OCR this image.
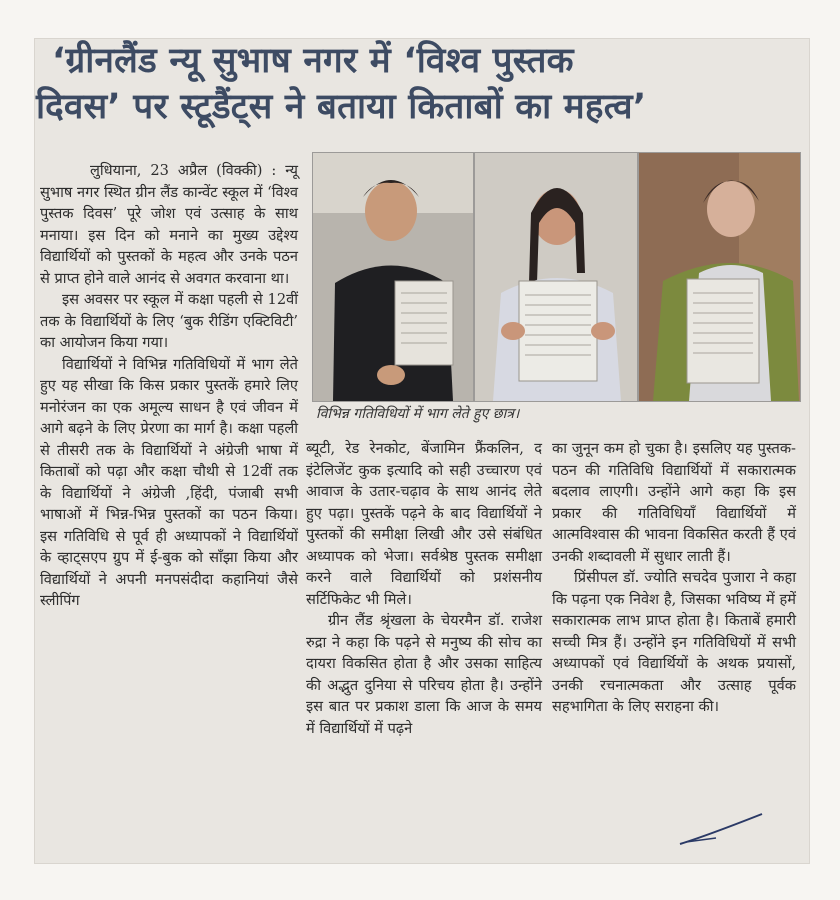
‘ग्रीनलैंड न्यू सुभाष नगर में ‘विश्व पुस्तक
दिवस’ पर स्टूडैंट्स ने बताया किताबों का महत्व’

लुधियाना, 23 अप्रैल (विक्की) : न्यू सुभाष नगर स्थित ग्रीन लैंड कान्वेंट स्कूल में ‘विश्व पुस्तक दिवस’ पूरे जोश एवं उत्साह के साथ मनाया। इस दिन को मनाने का मुख्य उद्देश्य विद्यार्थियों को पुस्तकों के महत्व और उनके पठन से प्राप्त होने वाले आनंद से अवगत करवाना था।

इस अवसर पर स्कूल में कक्षा पहली से 12वीं तक के विद्यार्थियों के लिए ‘बुक रीडिंग एक्टिविटी’ का आयोजन किया गया।

विद्यार्थियों ने विभिन्न गतिविधियों में भाग लेते हुए यह सीखा कि किस प्रकार पुस्तकें हमारे लिए मनोरंजन का एक अमूल्य साधन है एवं जीवन में आगे बढ़ने के लिए प्रेरणा का मार्ग है। कक्षा पहली से तीसरी तक के विद्यार्थियों ने अंग्रेजी भाषा में किताबों को पढ़ा और कक्षा चौथी से 12वीं तक के विद्यार्थियों ने अंग्रेजी ,हिंदी, पंजाबी सभी भाषाओं में भिन्न-भिन्न पुस्तकों का पठन किया। इस गतिविधि से पूर्व ही अध्यापकों ने विद्यार्थियों के व्हाट्सएप ग्रुप में ई-बुक को साँझा किया और विद्यार्थियों ने अपनी मनपसंदीदा कहानियां जैसे स्लीपिंग

विभिन्न गतिविधियों में भाग लेते हुए छात्र।

ब्यूटी, रेड रेनकोट, बेंजामिन फ्रैंकलिन, द इंटेलिजेंट कुक इत्यादि को सही उच्चारण एवं आवाज के उतार-चढ़ाव के साथ आनंद लेते हुए पढ़ा। पुस्तकें पढ़ने के बाद विद्यार्थियों ने पुस्तकों की समीक्षा लिखी और उसे संबंधित अध्यापक को भेजा। सर्वश्रेष्ठ पुस्तक समीक्षा करने वाले विद्यार्थियों को प्रशंसनीय सर्टिफिकेट भी मिले।

ग्रीन लैंड श्रृंखला के चेयरमैन डॉ. राजेश रुद्रा ने कहा कि पढ़ने से मनुष्य की सोच का दायरा विकसित होता है और उसका साहित्य की अद्भुत दुनिया से परिचय होता है। उन्होंने इस बात पर प्रकाश डाला कि आज के समय में विद्यार्थियों में पढ़ने

का जुनून कम हो चुका है। इसलिए यह पुस्तक-पठन की गतिविधि विद्यार्थियों में सकारात्मक बदलाव लाएगी। उन्होंने आगे कहा कि इस प्रकार की गतिविधियाँ विद्यार्थियों में आत्मविश्वास की भावना विकसित करती हैं एवं उनकी शब्दावली में सुधार लाती हैं।

प्रिंसीपल डॉ. ज्योति सचदेव पुजारा ने कहा कि पढ़ना एक निवेश है, जिसका भविष्य में हमें सकारात्मक लाभ प्राप्त होता है। किताबें हमारी सच्ची मित्र हैं। उन्होंने इन गतिविधियों में सभी अध्यापकों एवं विद्यार्थियों के अथक प्रयासों, उनकी रचनात्मकता और उत्साह पूर्वक सहभागिता के लिए सराहना की।
